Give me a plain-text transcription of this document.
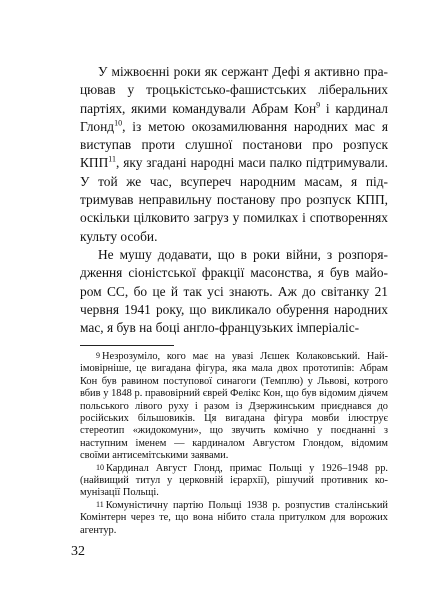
У міжвоєнні роки як сержант Дефі я активно працював у троцькістсько-фашистських ліберальних партіях, якими командували Абрам Кон$^9$ і кардинал Глонд$^{10}$, із метою окозамилювання народних мас я виступав проти слушної постанови про розпуск КПП$^{11}$, яку згадані народні маси палко підтримували. У той же час, всупереч народним масам, я підтримував неправильну постанову про розпуск КПП, оскільки цілковито загруз у помилках і спотвореннях культу особи.

Не мушу додавати, що в роки війни, з розпорядження сіоністської фракції масонства, я був майором СС, бо це й так усі знають. Аж до світанку 21 червня 1941 року, що викликало обурення народних мас, я був на боці англо-французьких імперіаліс-

$^9$ Незрозуміло, кого має на увазі Лєшек Колаковський. Найімовірніше, це вигадана фігура, яка мала двох прототипів: Абрам Кон був равином поступової синагоги (Темплю) у Львові, котрого вбив у 1848 р. правовірний єврей Фелікс Кон, що був відомим діячем польського лівого руху і разом із Дзержинським приєднався до російських більшовиків. Ця вигадана фігура мовби ілюструє стереотип «жидокомуни», що звучить комічно у поєднанні з наступним іменем — кардиналом Августом Глондом, відомим своїми антисемітськими заявами.

$^{10}$ Кардинал Август Глонд, примас Польщі у 1926–1948 рр. (найвищий титул у церковній ієрархії), рішучий противник комунізації Польщі.

$^{11}$ Комуністичну партію Польщі 1938 р. розпустив сталінський Комінтерн через те, що вона нібито стала притулком для ворожих агентур.

32
